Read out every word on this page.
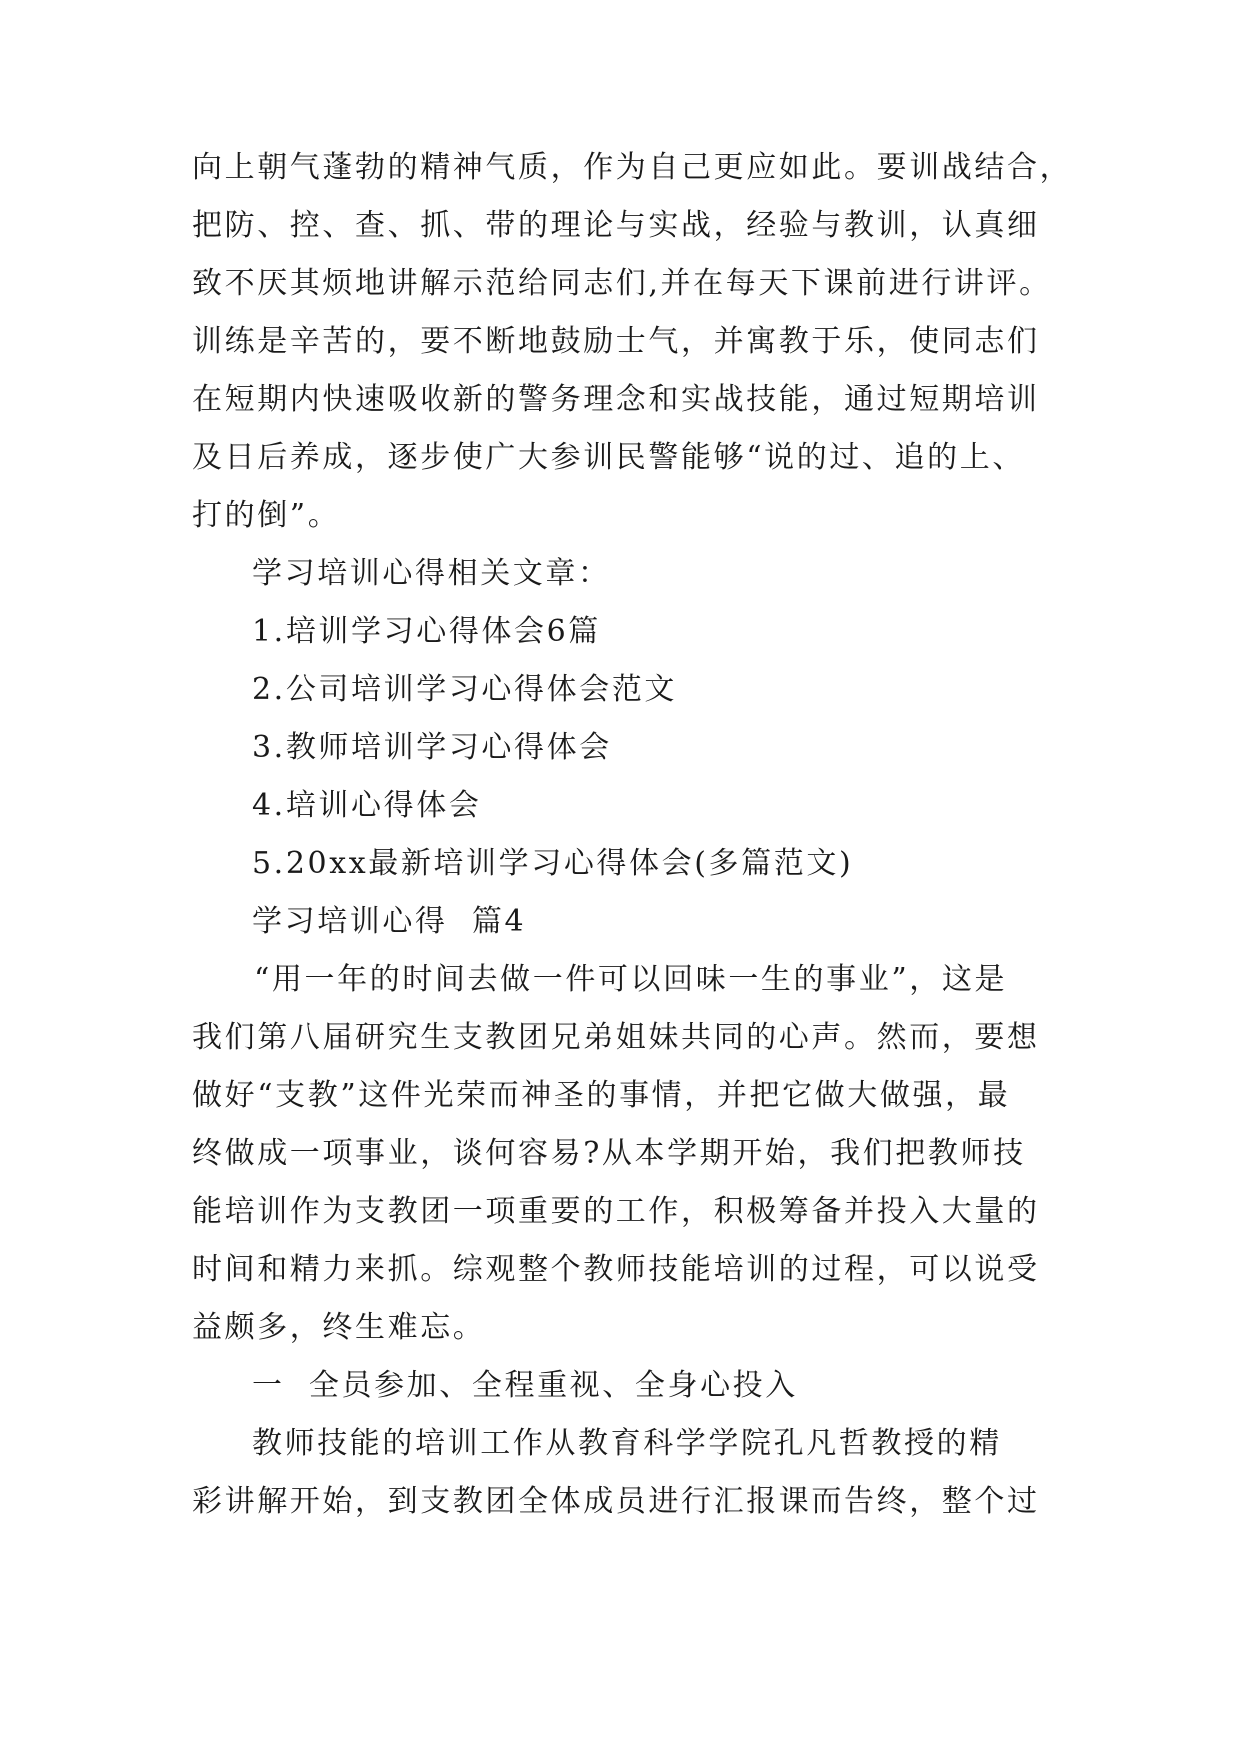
向上朝气蓬勃的精神气质，作为自己更应如此。要训战结合，
把防、控、查、抓、带的理论与实战，经验与教训，认真细
致不厌其烦地讲解示范给同志们,并在每天下课前进行讲评。
训练是辛苦的，要不断地鼓励士气，并寓教于乐，使同志们
在短期内快速吸收新的警务理念和实战技能，通过短期培训
及日后养成，逐步使广大参训民警能够“说的过、追的上、
打的倒”。
学习培训心得相关文章：
1.培训学习心得体会6篇
2.公司培训学习心得体会范文
3.教师培训学习心得体会
4.培训心得体会
5.20xx最新培训学习心得体会(多篇范文)
学习培训心得  篇4
“用一年的时间去做一件可以回味一生的事业”，这是
我们第八届研究生支教团兄弟姐妹共同的心声。然而，要想
做好“支教”这件光荣而神圣的事情，并把它做大做强，最
终做成一项事业，谈何容易?从本学期开始，我们把教师技
能培训作为支教团一项重要的工作，积极筹备并投入大量的
时间和精力来抓。综观整个教师技能培训的过程，可以说受
益颇多，终生难忘。
一  全员参加、全程重视、全身心投入
教师技能的培训工作从教育科学学院孔凡哲教授的精
彩讲解开始，到支教团全体成员进行汇报课而告终，整个过
